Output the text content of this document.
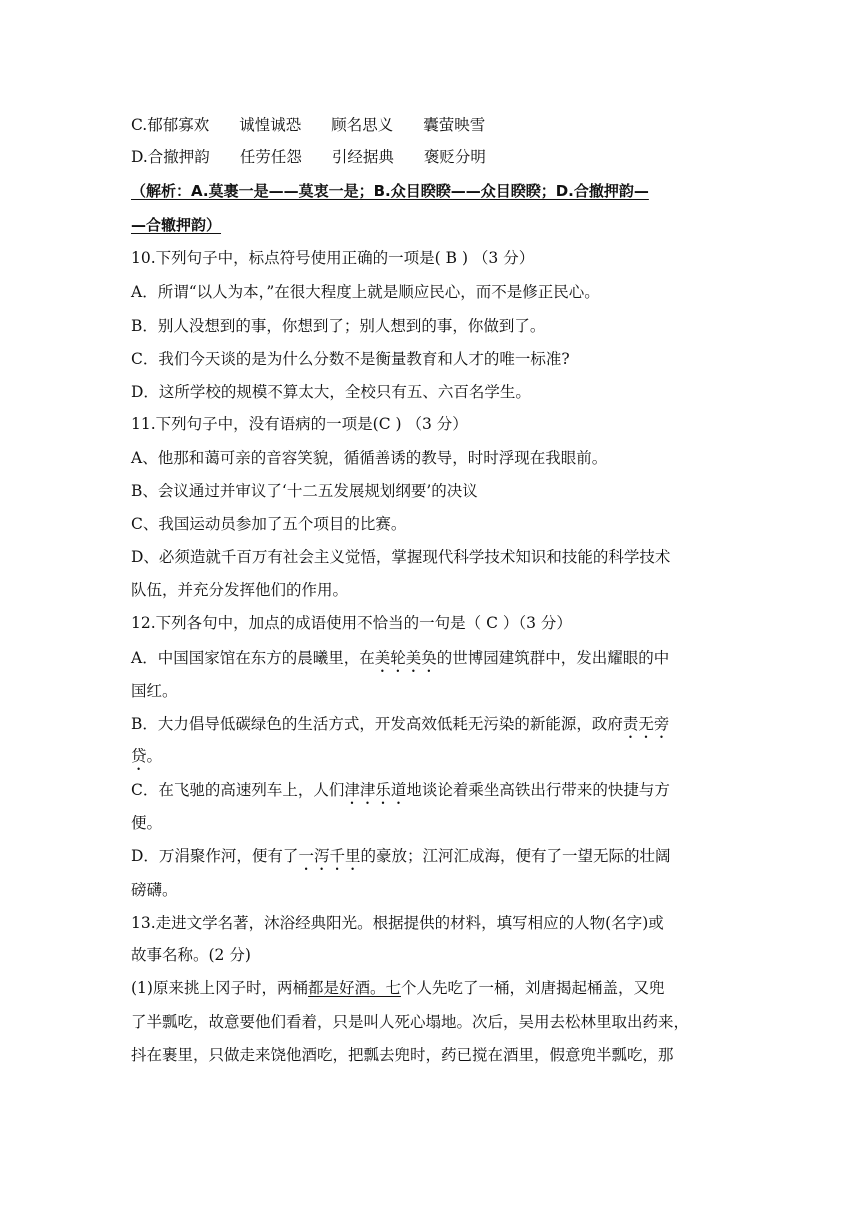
C.郁郁寡欢 诚惶诚恐 顾名思义 囊萤映雪
D.合撤押韵 任劳任怨 引经据典 褒贬分明
（解析：A.莫裹一是——莫衷一是；B.众目睽睽——众目睽睽；D.合撤押韵—
—合辙押韵）
10.下列句子中，标点符号使用正确的一项是( B ) （3 分）
A．所谓“以人为本，”在很大程度上就是顺应民心，而不是修正民心。
B．别人没想到的事，你想到了；别人想到的事，你做到了。
C．我们今天谈的是为什么分数不是衡量教育和人才的唯一标准?
D．这所学校的规模不算太大，全校只有五、六百名学生。
11.下列句子中，没有语病的一项是(C ) （3 分）
A、他那和蔼可亲的音容笑貌，循循善诱的教导，时时浮现在我眼前。
B、会议通过并审议了‘十二五发展规划纲要’的决议
C、我国运动员参加了五个项目的比赛。
D、必须造就千百万有社会主义觉悟，掌握现代科学技术知识和技能的科学技术
队伍，并充分发挥他们的作用。
12.下列各句中，加点的成语使用不恰当的一句是（ C ）（3 分）
A．中国国家馆在东方的晨曦里，在美轮美奂的世博园建筑群中，发出耀眼的中
国红。
B．大力倡导低碳绿色的生活方式，开发高效低耗无污染的新能源，政府责无旁
贷。
C．在飞驰的高速列车上，人们津津乐道地谈论着乘坐高铁出行带来的快捷与方
便。
D．万涓聚作河，便有了一泻千里的豪放；江河汇成海，便有了一望无际的壮阔
磅礴。
13.走进文学名著，沐浴经典阳光。根据提供的材料，填写相应的人物(名字)或
故事名称。(2 分)
(1)原来挑上冈子时，两桶都是好酒。七个人先吃了一桶，刘唐揭起桶盖，又兜
了半瓢吃，故意要他们看着，只是叫人死心塌地。次后，吴用去松林里取出药来，
抖在裹里，只做走来饶他酒吃，把瓢去兜时，药已搅在酒里，假意兜半瓢吃，那
